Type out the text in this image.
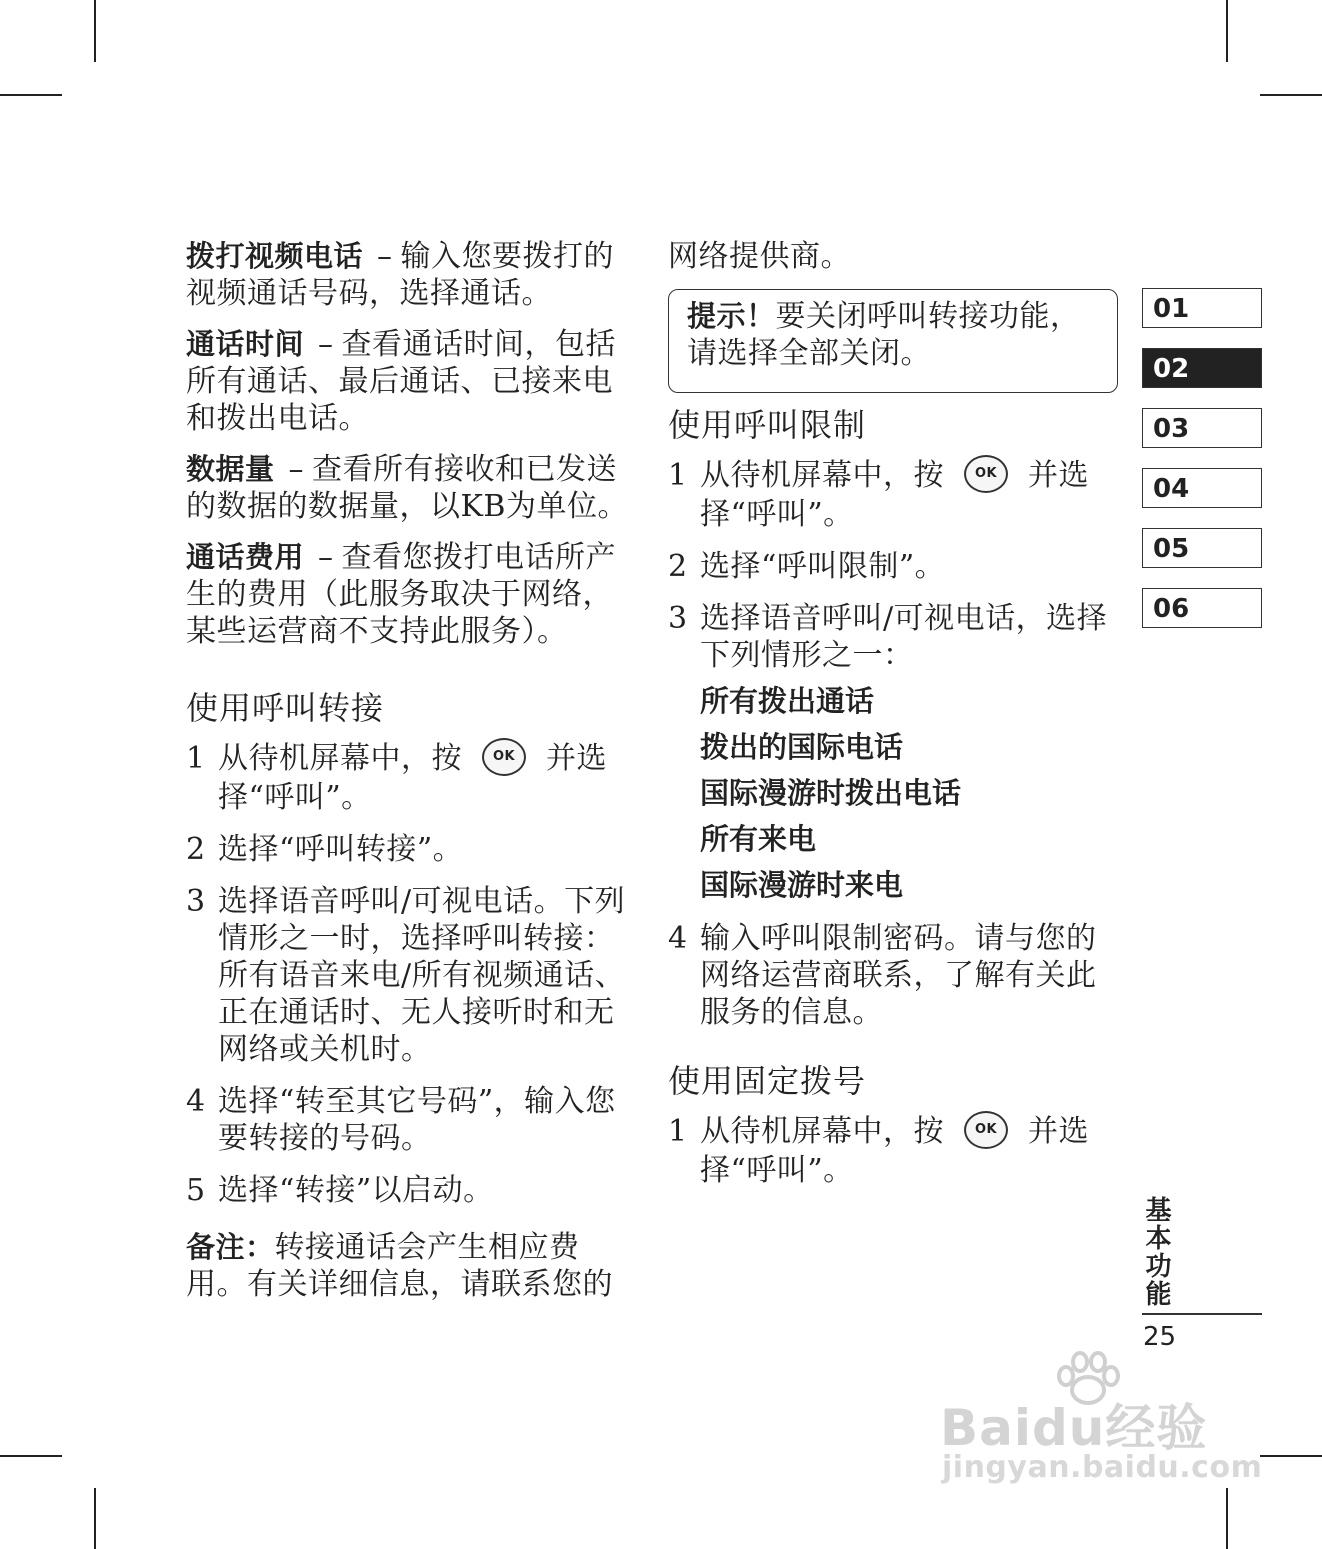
拨打视频电话 – 输入您要拨打的视频通话号码，选择通话。

通话时间 – 查看通话时间，包括所有通话、最后通话、已接来电和拨出电话。

数据量 – 查看所有接收和已发送的数据的数据量，以KB为单位。

通话费用 – 查看您拨打电话所产生的费用（此服务取决于网络，某些运营商不支持此服务）。

使用呼叫转接
1 从待机屏幕中，按 OK 并选择“呼叫”。
2 选择“呼叫转接”。
3 选择语音呼叫/可视电话。下列情形之一时，选择呼叫转接：所有语音来电/所有视频通话、正在通话时、无人接听时和无网络或关机时。
4 选择“转至其它号码”，输入您要转接的号码。
5 选择“转接”以启动。

备注：转接通话会产生相应费用。有关详细信息，请联系您的

网络提供商。

提示！要关闭呼叫转接功能，请选择全部关闭。
使用呼叫限制
1 从待机屏幕中，按 OK 并选择“呼叫”。
2 选择“呼叫限制”。
3 选择语音呼叫/可视电话，选择下列情形之一：
所有拨出通话
拨出的国际电话
国际漫游时拨出电话
所有来电
国际漫游时来电
4 输入呼叫限制密码。请与您的网络运营商联系，了解有关此服务的信息。
使用固定拨号
1 从待机屏幕中，按 OK 并选择“呼叫”。
01
02
03
04
05
06
基本功能
25
Baidu经验
jingyan.baidu.com
